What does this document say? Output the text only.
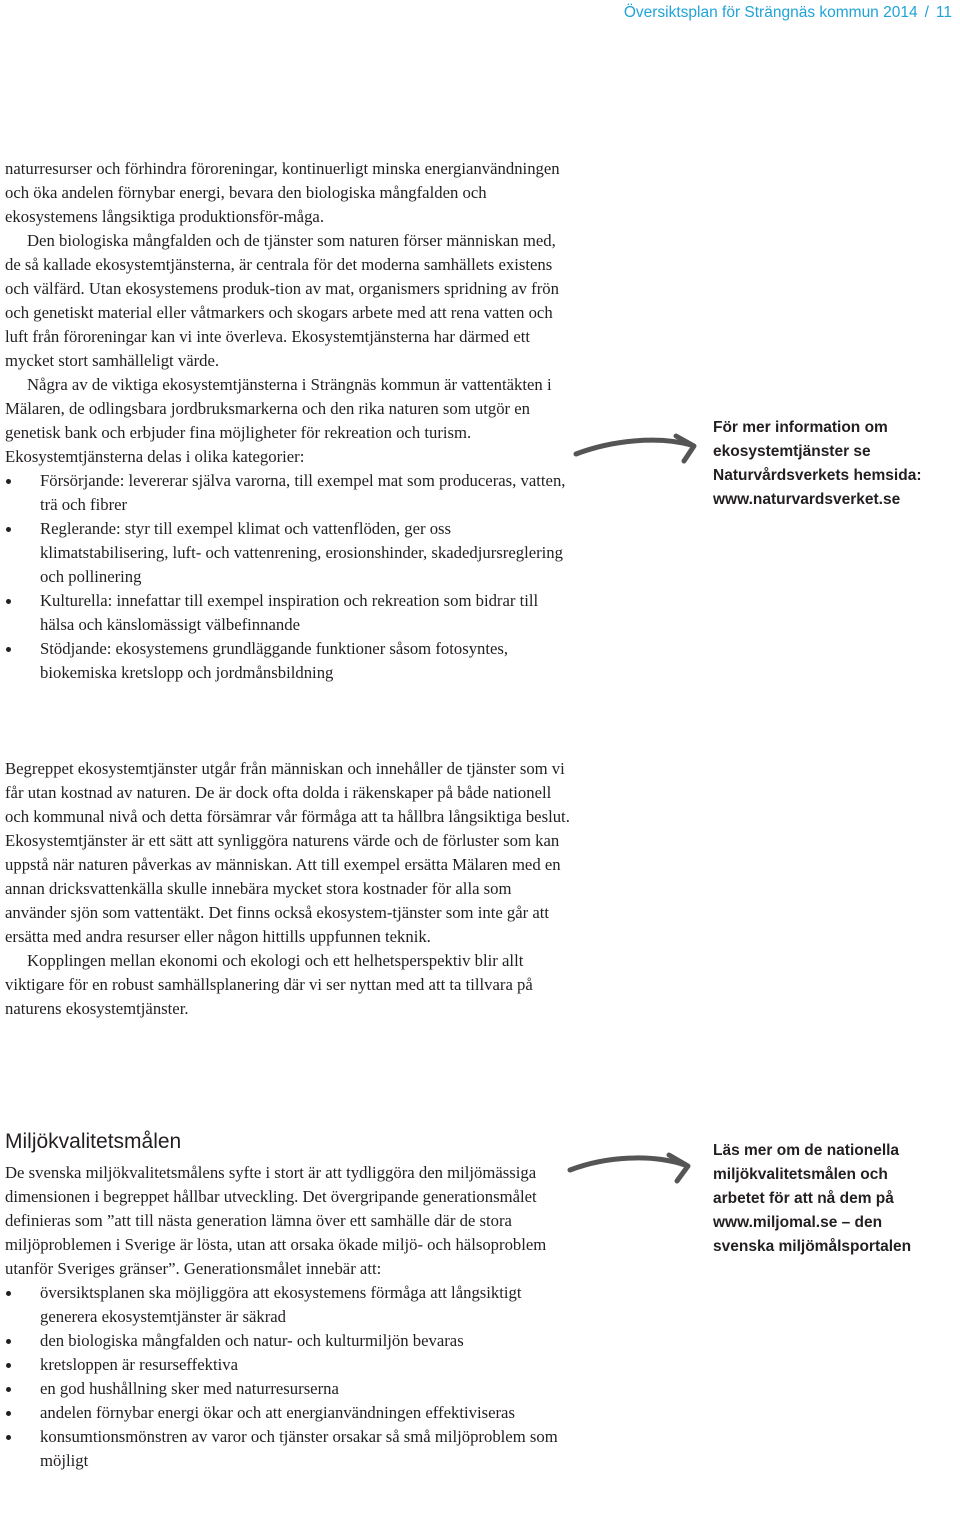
Översiktsplan för Strängnäs kommun 2014 / 11

naturresurser och förhindra föroreningar, kontinuerligt minska energianvändningen och öka andelen förnybar energi, bevara den biologiska mångfalden och ekosystemens långsiktiga produktionsför-måga.

Den biologiska mångfalden och de tjänster som naturen förser människan med, de så kallade ekosystemtjänsterna, är centrala för det moderna samhällets existens och välfärd. Utan ekosystemens produk-tion av mat, organismers spridning av frön och genetiskt material eller våtmarkers och skogars arbete med att rena vatten och luft från föroreningar kan vi inte överleva. Ekosystemtjänsterna har därmed ett mycket stort samhälleligt värde.

Några av de viktiga ekosystemtjänsterna i Strängnäs kommun är vattentäkten i Mälaren, de odlingsbara jordbruksmarkerna och den rika naturen som utgör en genetisk bank och erbjuder fina möjligheter för rekreation och turism. Ekosystemtjänsterna delas i olika kategorier:

Försörjande: levererar själva varorna, till exempel mat som produceras, vatten, trä och fibrer
Reglerande: styr till exempel klimat och vattenflöden, ger oss klimatstabilisering, luft- och vattenrening, erosionshinder, skadedjursreglering och pollinering
Kulturella: innefattar till exempel inspiration och rekreation som bidrar till hälsa och känslomässigt välbefinnande
Stödjande: ekosystemens grundläggande funktioner såsom fotosyntes, biokemiska kretslopp och jordmånsbildning

Begreppet ekosystemtjänster utgår från människan och innehåller de tjänster som vi får utan kostnad av naturen. De är dock ofta dolda i räkenskaper på både nationell och kommunal nivå och detta försämrar vår förmåga att ta hållbra långsiktiga beslut. Ekosystemtjänster är ett sätt att synliggöra naturens värde och de förluster som kan uppstå när naturen påverkas av människan. Att till exempel ersätta Mälaren med en annan dricksvattenkälla skulle innebära mycket stora kostnader för alla som använder sjön som vattentäkt. Det finns också ekosystem-tjänster som inte går att ersätta med andra resurser eller någon hittills uppfunnen teknik.

Kopplingen mellan ekonomi och ekologi och ett helhetsperspektiv blir allt viktigare för en robust samhällsplanering där vi ser nyttan med att ta tillvara på naturens ekosystemtjänster.

Miljökvalitetsmålen

De svenska miljökvalitetsmålens syfte i stort är att tydliggöra den miljömässiga dimensionen i begreppet hållbar utveckling. Det övergripande generationsmålet definieras som ”att till nästa generation lämna över ett samhälle där de stora miljöproblemen i Sverige är lösta, utan att orsaka ökade miljö- och hälsoproblem utanför Sveriges gränser”. Generationsmålet innebär att:

översiktsplanen ska möjliggöra att ekosystemens förmåga att långsiktigt generera ekosystemtjänster är säkrad
den biologiska mångfalden och natur- och kulturmiljön bevaras
kretsloppen är resurseffektiva
en god hushållning sker med naturresurserna
andelen förnybar energi ökar och att energianvändningen effektiviseras
konsumtionsmönstren av varor och tjänster orsakar så små miljöproblem som möjligt
För mer information om
ekosystemtjänster se
Naturvårdsverkets hemsida:
www.naturvardsverket.se
Läs mer om de nationella
miljökvalitetsmålen och
arbetet för att nå dem på
www.miljomal.se – den
svenska miljömålsportalen
